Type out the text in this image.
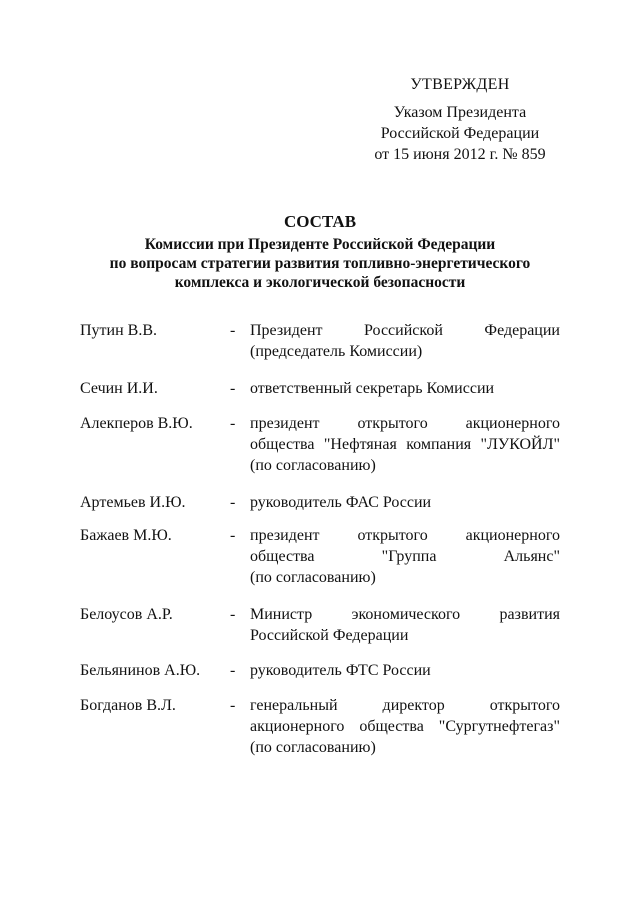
УТВЕРЖДЕН
Указом Президента
Российской Федерации
от 15 июня 2012 г. № 859
СОСТАВ
Комиссии при Президенте Российской Федерации
по вопросам стратегии развития топливно-энергетического
комплекса и экологической безопасности
Путин В.В.	- Президент Российской Федерации
(председатель Комиссии)
Сечин И.И.	- ответственный секретарь Комиссии
Алекперов В.Ю.	- президент открытого акционерного
общества "Нефтяная компания "ЛУКОЙЛ"
(по согласованию)
Артемьев И.Ю.	- руководитель ФАС России
Бажаев М.Ю.	- президент открытого акционерного
общества "Группа Альянс"
(по согласованию)
Белоусов А.Р.	- Министр экономического развития
Российской Федерации
Бельянинов А.Ю.	- руководитель ФТС России
Богданов В.Л.	- генеральный директор открытого
акционерного общества "Сургутнефтегаз"
(по согласованию)
